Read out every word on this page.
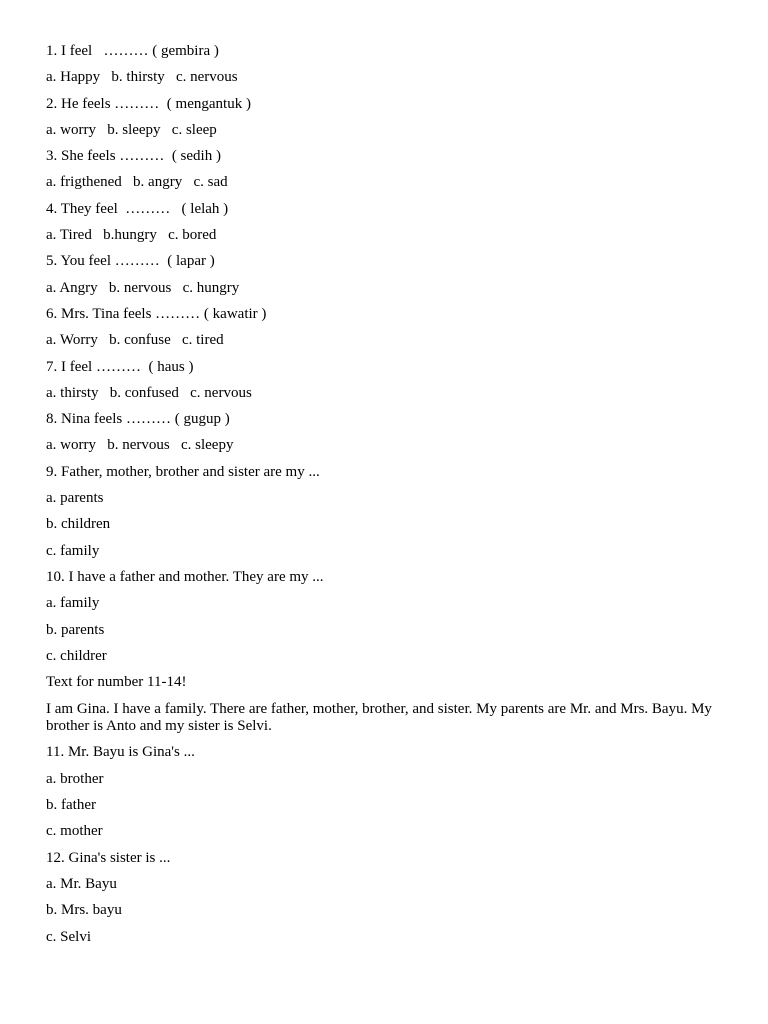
1. I feel   ……… ( gembira )
a. Happy   b. thirsty   c. nervous
2. He feels ………  ( mengantuk )
a. worry   b. sleepy   c. sleep
3. She feels ………  ( sedih )
a. frigthened   b. angry   c. sad
4. They feel  ………   ( lelah )
a. Tired   b.hungry   c. bored
5. You feel ………  ( lapar )
a. Angry   b. nervous   c. hungry
6. Mrs. Tina feels ……… ( kawatir )
a. Worry   b. confuse   c. tired
7. I feel ………  ( haus )
a. thirsty   b. confused   c. nervous
8. Nina feels ……… ( gugup )
a. worry   b. nervous   c. sleepy
9. Father, mother, brother and sister are my ...
a. parents
b. children
c. family
10. I have a father and mother. They are my ...
a. family
b. parents
c. childrer
Text for number 11-14!
I am Gina. I have a family. There are father, mother, brother, and sister. My parents are Mr. and Mrs. Bayu. My brother is Anto and my sister is Selvi.
11. Mr. Bayu is Gina's ...
a. brother
b. father
c. mother
12. Gina's sister is ...
a. Mr. Bayu
b. Mrs. bayu
c. Selvi
